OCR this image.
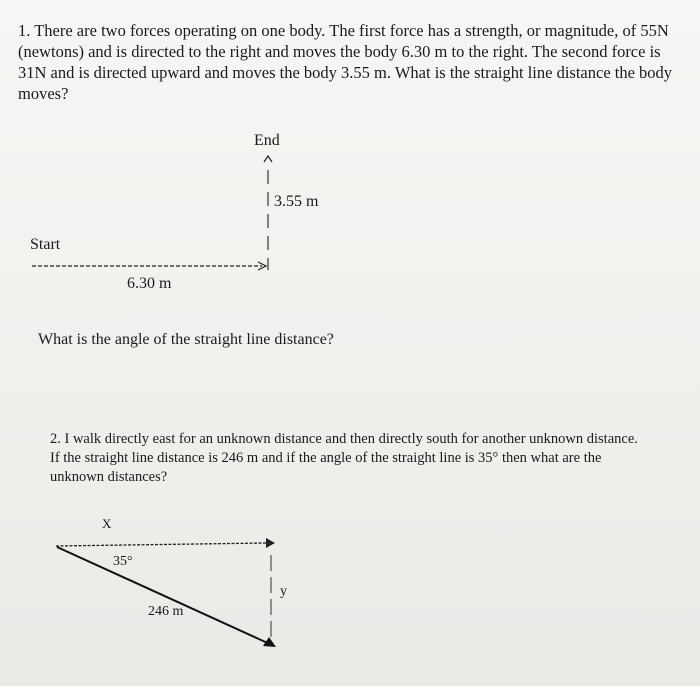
1. There are two forces operating on one body. The first force has a strength, or magnitude, of 55N (newtons) and is directed to the right and moves the body 6.30 m to the right. The second force is 31N and is directed upward and moves the body 3.55 m. What is the straight line distance the body moves?
End
3.55 m
Start
6.30 m
What is the angle of the straight line distance?
2. I walk directly east for an unknown distance and then directly south for another unknown distance. If the straight line distance is 246 m and if the angle of the straight line is 35° then what are the unknown distances?
X
35°
246 m
y
